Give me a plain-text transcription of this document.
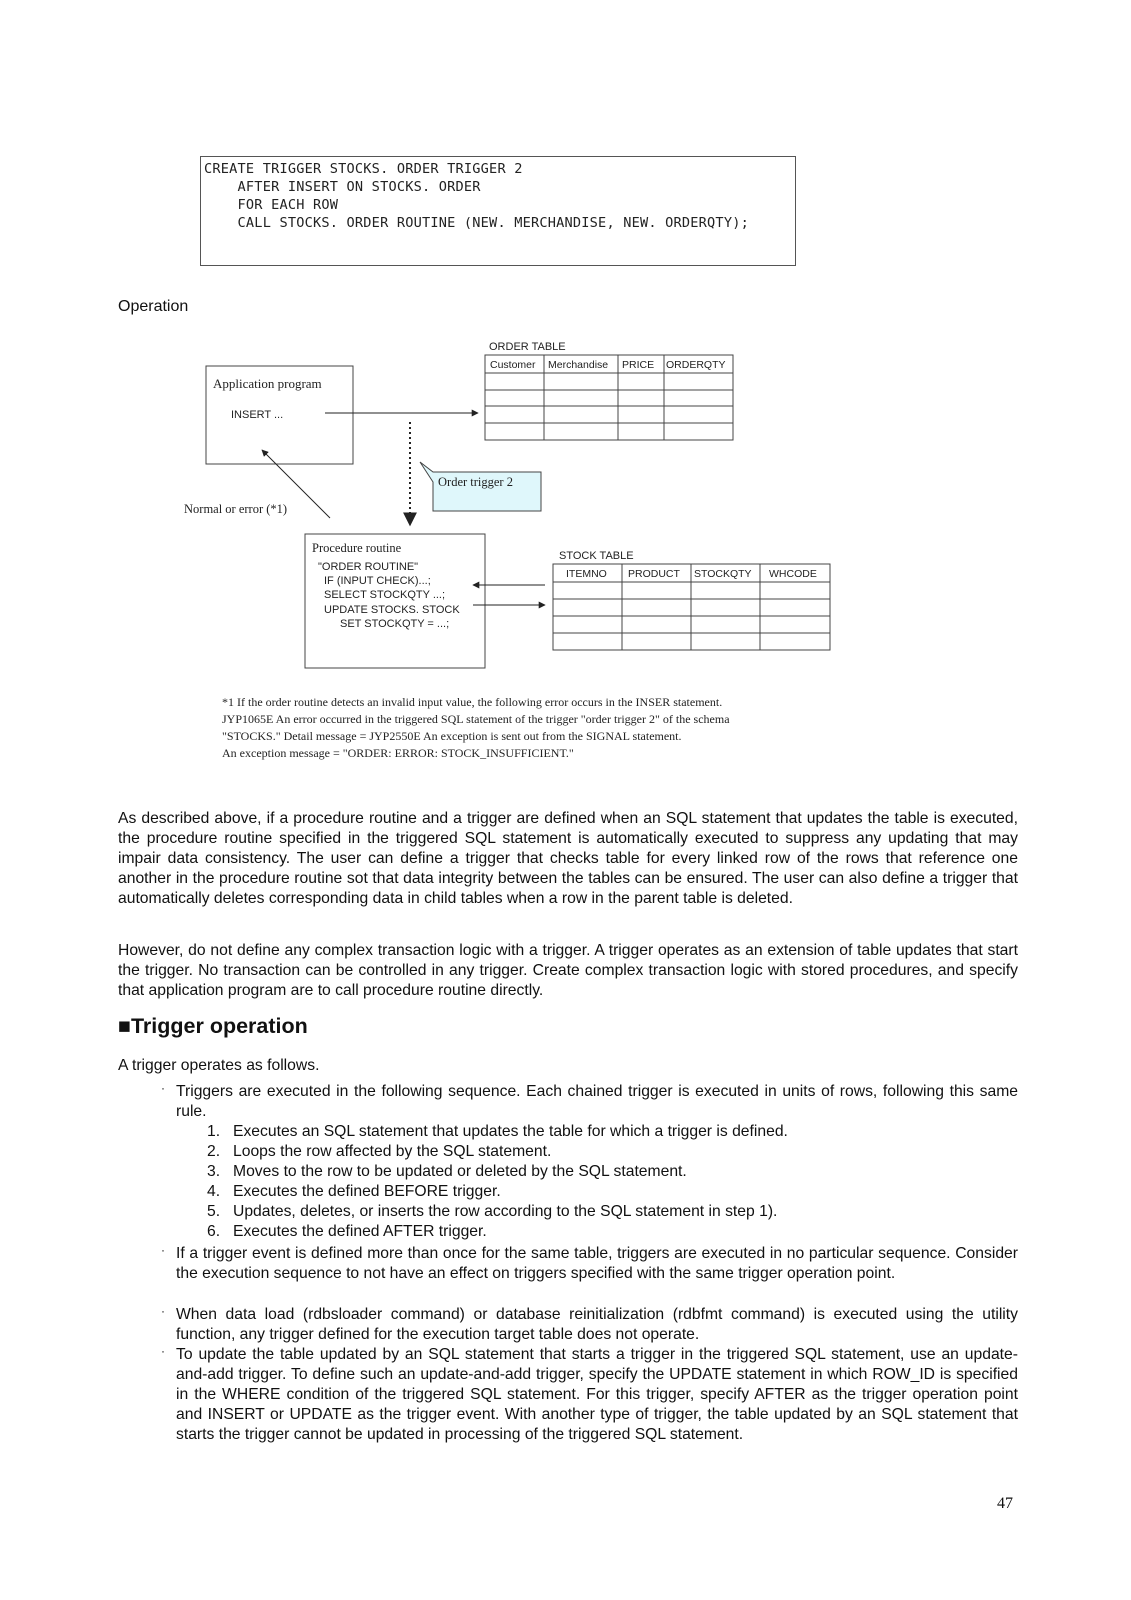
CREATE TRIGGER STOCKS. ORDER TRIGGER 2
AFTER INSERT ON STOCKS. ORDER
FOR EACH ROW
CALL STOCKS. ORDER ROUTINE (NEW. MERCHANDISE, NEW. ORDERQTY);
Operation
Application program
INSERT ...
ORDER TABLE
Customer Merchandise PRICE ORDERQTY
Order trigger 2
Normal or error (*1)
Procedure routine
"ORDER ROUTINE"
IF (INPUT CHECK)...;
SELECT STOCKQTY ...;
UPDATE STOCKS. STOCK
SET STOCKQTY = ...;
STOCK TABLE
ITEMNO PRODUCT STOCKQTY WHCODE
*1 If the order routine detects an invalid input value, the following error occurs in the INSER statement.
JYP1065E An error occurred in the triggered SQL statement of the trigger "order trigger 2" of the schema
"STOCKS." Detail message = JYP2550E An exception is sent out from the SIGNAL statement.
An exception message = "ORDER: ERROR: STOCK_INSUFFICIENT."

As described above, if a procedure routine and a trigger are defined when an SQL statement that updates the table is executed, the procedure routine specified in the triggered SQL statement is automatically executed to suppress any updating that may impair data consistency. The user can define a trigger that checks table for every linked row of the rows that reference one another in the procedure routine sot that data integrity between the tables can be ensured. The user can also define a trigger that automatically deletes corresponding data in child tables when a row in the parent table is deleted.

However, do not define any complex transaction logic with a trigger. A trigger operates as an extension of table updates that start the trigger. No transaction can be controlled in any trigger. Create complex transaction logic with stored procedures, and specify that application program are to call procedure routine directly.

■Trigger operation

A trigger operates as follows.

· Triggers are executed in the following sequence. Each chained trigger is executed in units of rows, following this same rule.

1. Executes an SQL statement that updates the table for which a trigger is defined.
2. Loops the row affected by the SQL statement.
3. Moves to the row to be updated or deleted by the SQL statement.
4. Executes the defined BEFORE trigger.
5. Updates, deletes, or inserts the row according to the SQL statement in step 1).
6. Executes the defined AFTER trigger.
· If a trigger event is defined more than once for the same table, triggers are executed in no particular sequence. Consider the execution sequence to not have an effect on triggers specified with the same trigger operation point.

· When data load (rdbsloader command) or database reinitialization (rdbfmt command) is executed using the utility function, any trigger defined for the execution target table does not operate.

· To update the table updated by an SQL statement that starts a trigger in the triggered SQL statement, use an update-and-add trigger. To define such an update-and-add trigger, specify the UPDATE statement in which ROW_ID is specified in the WHERE condition of the triggered SQL statement. For this trigger, specify AFTER as the trigger operation point and INSERT or UPDATE as the trigger event. With another type of trigger, the table updated by an SQL statement that starts the trigger cannot be updated in processing of the triggered SQL statement.

47
